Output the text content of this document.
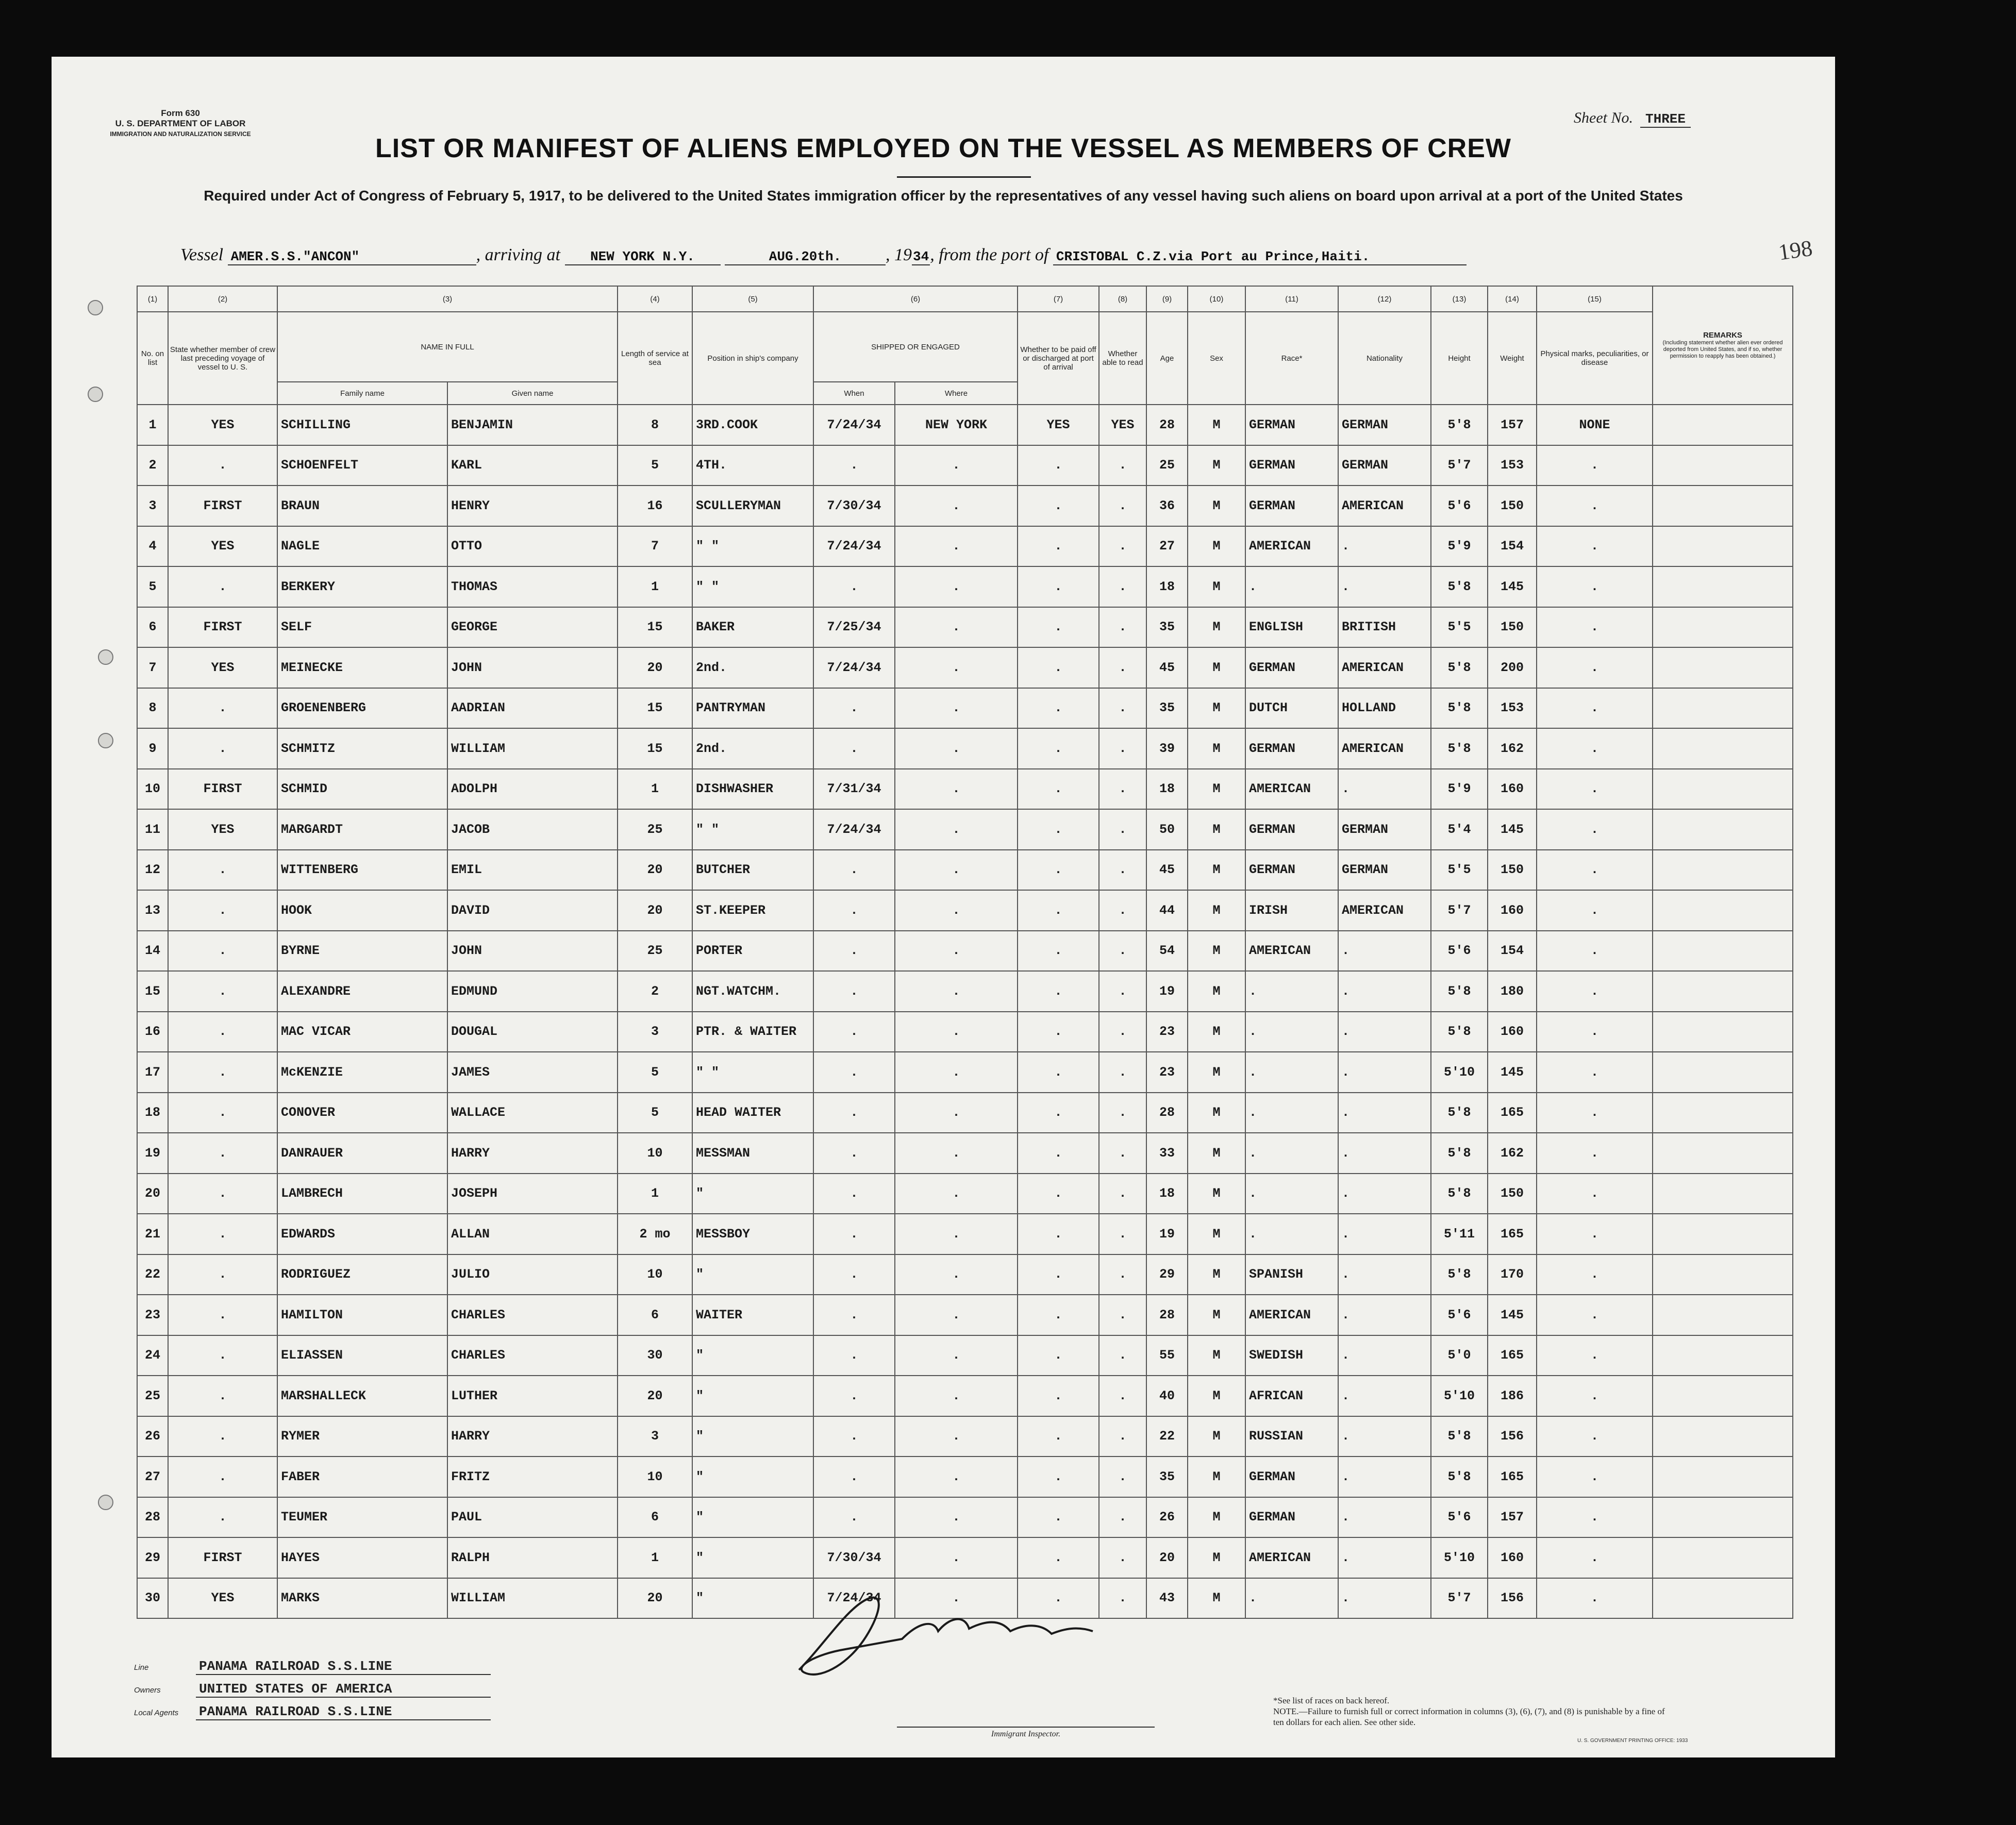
Form 630
U. S. DEPARTMENT OF LABOR
IMMIGRATION AND NATURALIZATION SERVICE
Sheet No. THREE
LIST OR MANIFEST OF ALIENS EMPLOYED ON THE VESSEL AS MEMBERS OF CREW
Required under Act of Congress of February 5, 1917, to be delivered to the United States immigration officer by the representatives of any vessel having such aliens on board upon arrival at a port of the United States
Vessel AMER.S.S."ANCON"	, arriving at NEW YORK N.Y.	AUG.20th.	, 1934, from the port of CRISTOBAL C.Z.via Port au Prince,Haiti.	198
(1)	(2)	(3)		(4)	(5)	(6)		(7)	(8)	(9)	(10)	(11)	(12)	(13)	(14)	(15)	REMARKS
(Including statement whether alien ever ordered deported from United States, and if so, whether permission to reapply has been obtained.)

No. on list	State whether member of crew last preceding voyage of vessel to U. S.	NAME IN FULL		Length of service at sea	Position in ship's company	SHIPPED OR ENGAGED		Whether to be paid off or discharged at port of arrival	Whether able to read	Age	Sex	Race*	Nationality	Height	Weight	Physical marks, peculiarities, or disease	
		Family name	Given name			When	Where										
1	YES	SCHILLING	BENJAMIN	8	3RD.COOK	7/24/34	NEW YORK	YES	YES	28	M	GERMAN	GERMAN	5'8	157	NONE	
2	.	SCHOENFELT	KARL	5	4TH.	.	.	.	.	25	M	GERMAN	GERMAN	5'7	153	.	
3	FIRST	BRAUN	HENRY	16	SCULLERYMAN	7/30/34	.	.	.	36	M	GERMAN	AMERICAN	5'6	150	.	
4	YES	NAGLE	OTTO	7	" "	7/24/34	.	.	.	27	M	AMERICAN	.	5'9	154	.	
5	.	BERKERY	THOMAS	1	" "	.	.	.	.	18	M	.	.	5'8	145	.	
6	FIRST	SELF	GEORGE	15	BAKER	7/25/34	.	.	.	35	M	ENGLISH	BRITISH	5'5	150	.	
7	YES	MEINECKE	JOHN	20	2nd.	7/24/34	.	.	.	45	M	GERMAN	AMERICAN	5'8	200	.	
8	.	GROENENBERG	AADRIAN	15	PANTRYMAN	.	.	.	.	35	M	DUTCH	HOLLAND	5'8	153	.	
9	.	SCHMITZ	WILLIAM	15	2nd.	.	.	.	.	39	M	GERMAN	AMERICAN	5'8	162	.	
10	FIRST	SCHMID	ADOLPH	1	DISHWASHER	7/31/34	.	.	.	18	M	AMERICAN	.	5'9	160	.	
11	YES	MARGARDT	JACOB	25	" "	7/24/34	.	.	.	50	M	GERMAN	GERMAN	5'4	145	.	
12	.	WITTENBERG	EMIL	20	BUTCHER	.	.	.	.	45	M	GERMAN	GERMAN	5'5	150	.	
13	.	HOOK	DAVID	20	ST.KEEPER	.	.	.	.	44	M	IRISH	AMERICAN	5'7	160	.	
14	.	BYRNE	JOHN	25	PORTER	.	.	.	.	54	M	AMERICAN	.	5'6	154	.	
15	.	ALEXANDRE	EDMUND	2	NGT.WATCHM.	.	.	.	.	19	M	.	.	5'8	180	.	
16	.	MAC VICAR	DOUGAL	3	PTR. & WAITER	.	.	.	.	23	M	.	.	5'8	160	.	
17	.	McKENZIE	JAMES	5	" "	.	.	.	.	23	M	.	.	5'10	145	.	
18	.	CONOVER	WALLACE	5	HEAD WAITER	.	.	.	.	28	M	.	.	5'8	165	.	
19	.	DANRAUER	HARRY	10	MESSMAN	.	.	.	.	33	M	.	.	5'8	162	.	
20	.	LAMBRECH	JOSEPH	1	"	.	.	.	.	18	M	.	.	5'8	150	.	
21	.	EDWARDS	ALLAN	2 mo	MESSBOY	.	.	.	.	19	M	.	.	5'11	165	.	
22	.	RODRIGUEZ	JULIO	10	"	.	.	.	.	29	M	SPANISH	.	5'8	170	.	
23	.	HAMILTON	CHARLES	6	WAITER	.	.	.	.	28	M	AMERICAN	.	5'6	145	.	
24	.	ELIASSEN	CHARLES	30	"	.	.	.	.	55	M	SWEDISH	.	5'0	165	.	
25	.	MARSHALLECK	LUTHER	20	"	.	.	.	.	40	M	AFRICAN	.	5'10	186	.	
26	.	RYMER	HARRY	3	"	.	.	.	.	22	M	RUSSIAN	.	5'8	156	.	
27	.	FABER	FRITZ	10	"	.	.	.	.	35	M	GERMAN	.	5'8	165	.	
28	.	TEUMER	PAUL	6	"	.	.	.	.	26	M	GERMAN	.	5'6	157	.	
29	FIRST	HAYES	RALPH	1	"	7/30/34	.	.	.	20	M	AMERICAN	.	5'10	160	.	
30	YES	MARKS	WILLIAM	20	"	7/24/34	.	.	.	43	M	.	.	5'7	156	.	
Line	PANAMA RAILROAD S.S.LINE
Owners	UNITED STATES OF AMERICA
Local Agents PANAMA RAILROAD S.S.LINE
Immigrant Inspector.
*See list of races on back hereof.
NOTE.—Failure to furnish full or correct information in columns (3), (6), (7), and (8) is punishable by a fine of ten dollars for each alien. See other side.
U. S. GOVERNMENT PRINTING OFFICE: 1933
